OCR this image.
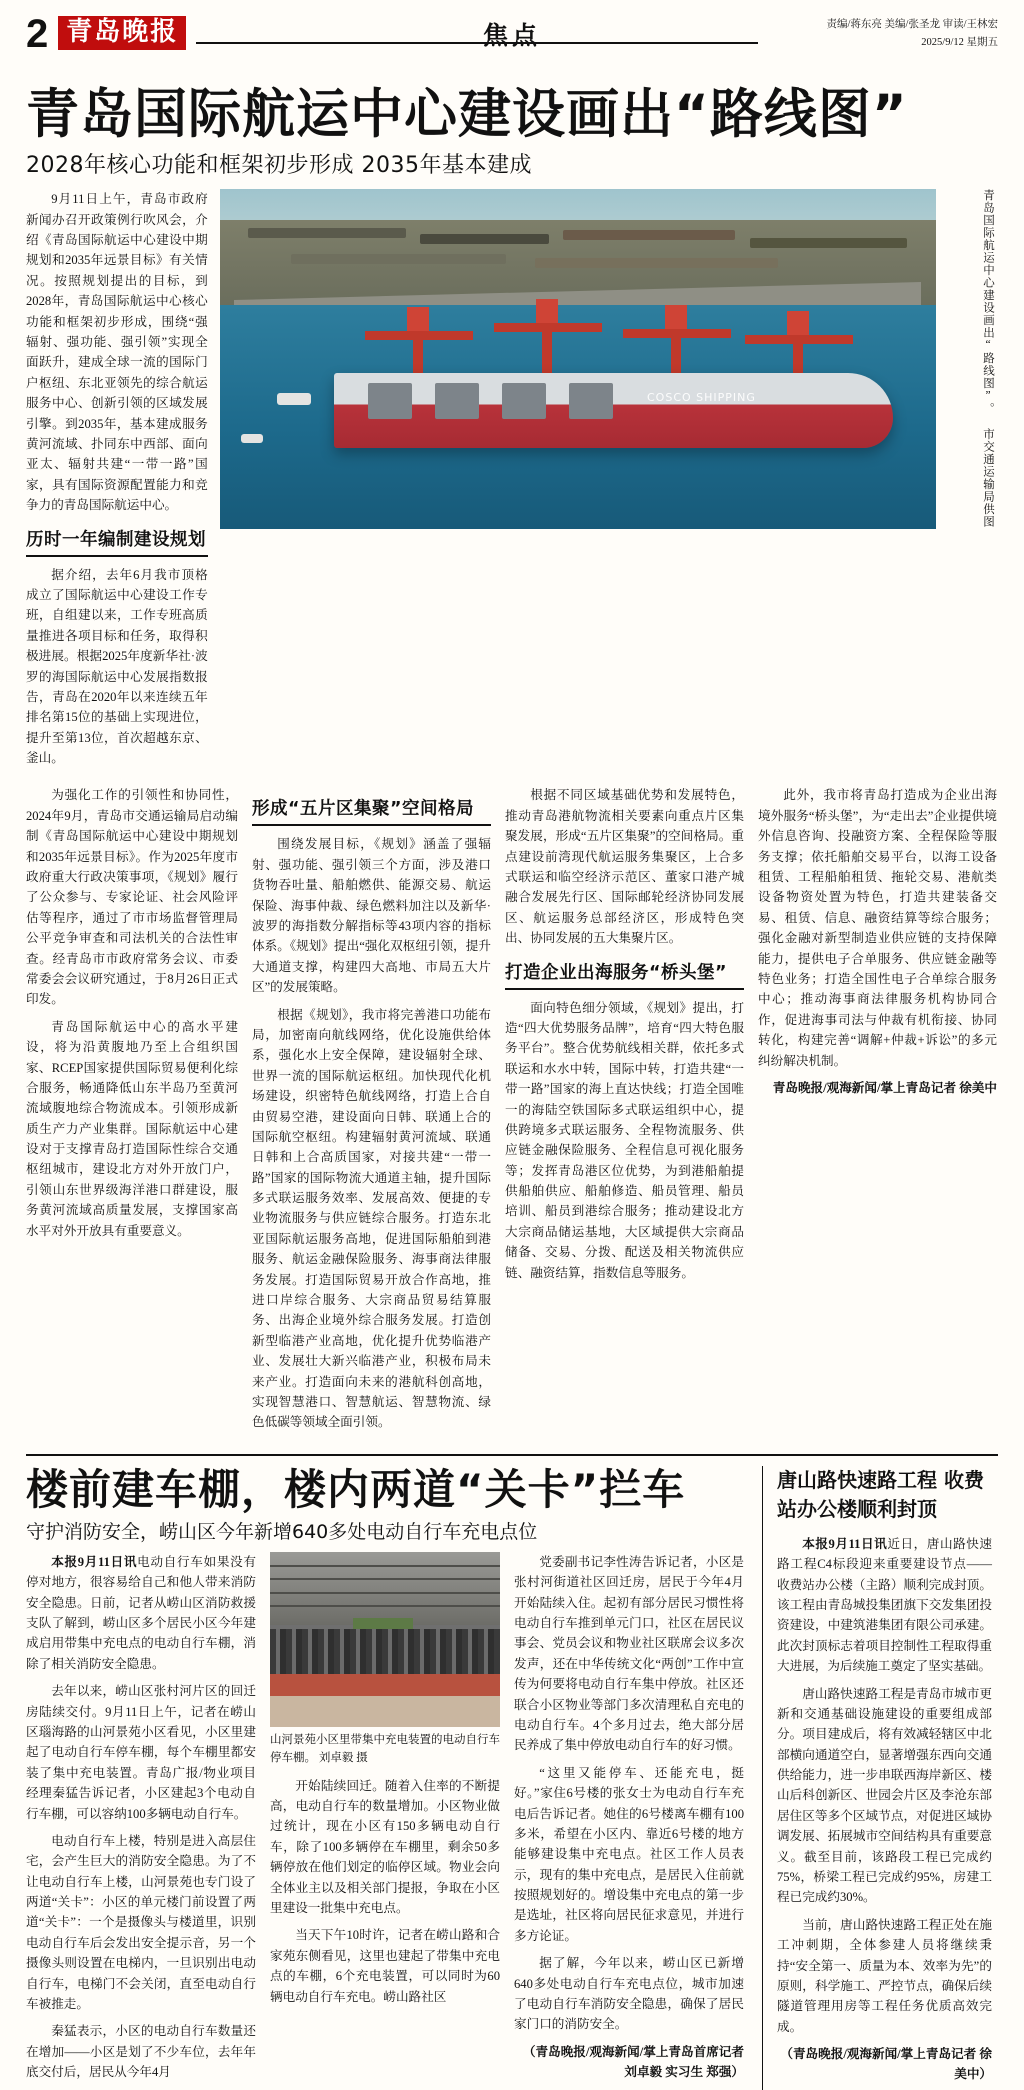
2 青岛晚报	焦点	责编/蒋东亮 美编/张圣龙 审读/王林宏
2025/9/12 星期五
青岛国际航运中心建设画出“路线图”
2028年核心功能和框架初步形成 2035年基本建成

9月11日上午，青岛市政府新闻办召开政策例行吹风会，介绍《青岛国际航运中心建设中期规划和2035年远景目标》有关情况。按照规划提出的目标，到2028年，青岛国际航运中心核心功能和框架初步形成，围绕“强辐射、强功能、强引领”实现全面跃升，建成全球一流的国际门户枢纽、东北亚领先的综合航运服务中心、创新引领的区域发展引擎。到2035年，基本建成服务黄河流域、扑同东中西部、面向亚太、辐射共建“一带一路”国家，具有国际资源配置能力和竞争力的青岛国际航运中心。

历时一年编制建设规划

据介绍，去年6月我市顶格成立了国际航运中心建设工作专班，自组建以来，工作专班高质量推进各项目标和任务，取得积极进展。根据2025年度新华社·波罗的海国际航运中心发展指数报告，青岛在2020年以来连续五年排名第15位的基础上实现进位，提升至第13位，首次超越东京、釜山。

COSCO SHIPPING	青岛国际航运中心建设画出“路线图”。 市交通运输局供图

为强化工作的引领性和协同性，2024年9月，青岛市交通运输局启动编制《青岛国际航运中心建设中期规划和2035年远景目标》。作为2025年度市政府重大行政决策事项，《规划》履行了公众参与、专家论证、社会风险评估等程序，通过了市市场监督管理局公平竞争审查和司法机关的合法性审查。经青岛市市政府常务会议、市委常委会会议研究通过，于8月26日正式印发。

青岛国际航运中心的高水平建设，将为沿黄腹地乃至上合组织国家、RCEP国家提供国际贸易便利化综合服务，畅通降低山东半岛乃至黄河流域腹地综合物流成本。引领形成新质生产力产业集群。国际航运中心建设对于支撑青岛打造国际性综合交通枢纽城市，建设北方对外开放门户，引领山东世界级海洋港口群建设，服务黄河流域高质量发展，支撑国家高水平对外开放具有重要意义。

形成“五片区集聚”空间格局

围绕发展目标，《规划》涵盖了强辐射、强功能、强引领三个方面，涉及港口货物吞吐量、船舶燃供、能源交易、航运保险、海事仲裁、绿色燃料加注以及新华·波罗的海指数分解指标等43项内容的指标体系。《规划》提出“强化双枢纽引领，提升大通道支撑，构建四大高地、市局五大片区”的发展策略。

根据《规划》，我市将完善港口功能布局，加密南向航线网络，优化设施供给体系，强化水上安全保障，建设辐射全球、世界一流的国际航运枢纽。加快现代化机场建设，织密特色航线网络，打造上合自由贸易空港，建设面向日韩、联通上合的国际航空枢纽。构建辐射黄河流域、联通日韩和上合高质国家，对接共建“一带一路”国家的国际物流大通道主轴，提升国际多式联运服务效率、发展高效、便捷的专业物流服务与供应链综合服务。打造东北亚国际航运服务高地，促进国际船舶到港服务、航运金融保险服务、海事商法律服务发展。打造国际贸易开放合作高地，推进口岸综合服务、大宗商品贸易结算服务、出海企业境外综合服务发展。打造创新型临港产业高地，优化提升优势临港产业、发展壮大新兴临港产业，积极布局未来产业。打造面向未来的港航科创高地，实现智慧港口、智慧航运、智慧物流、绿色低碳等领域全面引领。

根据不同区域基础优势和发展特色，推动青岛港航物流相关要素向重点片区集聚发展，形成“五片区集聚”的空间格局。重点建设前湾现代航运服务集聚区，上合多式联运和临空经济示范区、董家口港产城融合发展先行区、国际邮轮经济协同发展区、航运服务总部经济区，形成特色突出、协同发展的五大集聚片区。

打造企业出海服务“桥头堡”

面向特色细分领域，《规划》提出，打造“四大优势服务品牌”，培育“四大特色服务平台”。整合优势航线相关群，依托多式联运和水水中转，国际中转，打造共建“一带一路”国家的海上直达快线；打造全国唯一的海陆空铁国际多式联运组织中心，提供跨境多式联运服务、全程物流服务、供应链金融保险服务、全程信息可视化服务等；发挥青岛港区位优势，为到港船舶提供船舶供应、船舶修造、船员管理、船员培训、船员到港综合服务；推动建设北方大宗商品储运基地，大区域提供大宗商品储备、交易、分拨、配送及相关物流供应链、融资结算，指数信息等服务。

此外，我市将青岛打造成为企业出海境外服务“桥头堡”，为“走出去”企业提供境外信息咨询、投融资方案、全程保险等服务支撑；依托船舶交易平台，以海工设备租赁、工程船舶租赁、拖轮交易、港航类设备物资处置为特色，打造共建装备交易、租赁、信息、融资结算等综合服务；强化金融对新型制造业供应链的支持保障能力，提供电子合单服务、供应链金融等特色业务；打造全国性电子合单综合服务中心；推动海事商法律服务机构协同合作，促进海事司法与仲裁有机衔接、协同转化，构建完善“调解+仲裁+诉讼”的多元纠纷解决机制。

青岛晚报/观海新闻/掌上青岛记者 徐美中
楼前建车棚，楼内两道“关卡”拦车
守护消防安全，崂山区今年新增640多处电动自行车充电点位

本报9月11日讯电动自行车如果没有停对地方，很容易给自己和他人带来消防安全隐患。日前，记者从崂山区消防救援支队了解到，崂山区多个居民小区今年建成启用带集中充电点的电动自行车棚，消除了相关消防安全隐患。

去年以来，崂山区张村河片区的回迁房陆续交付。9月11日上午，记者在崂山区瑙海路的山河景苑小区看见，小区里建起了电动自行车停车棚，每个车棚里都安装了集中充电装置。青岛广报/物业项目经理秦猛告诉记者，小区建起3个电动自行车棚，可以容纳100多辆电动自行车。

电动自行车上楼，特别是进入高层住宅，会产生巨大的消防安全隐患。为了不让电动自行车上楼，山河景苑也专门设了两道“关卡”：小区的单元楼门前设置了两道“关卡”：一个是摄像头与楼道里，识别电动自行车后会发出安全提示音，另一个摄像头则设置在电梯内，一旦识别出电动自行车，电梯门不会关闭，直至电动自行车被推走。

秦猛表示，小区的电动自行车数量还在增加——小区是划了不少车位，去年年底交付后，居民从今年4月

山河景苑小区里带集中充电装置的电动自行车停车棚。 刘卓毅 摄

开始陆续回迁。随着入住率的不断提高，电动自行车的数量增加。小区物业做过统计，现在小区有150多辆电动自行车，除了100多辆停在车棚里，剩余50多辆停放在他们划定的临停区域。物业会向全体业主以及相关部门提报，争取在小区里建设一批集中充电点。

当天下午10时许，记者在崂山路和合家苑东侧看见，这里也建起了带集中充电点的车棚，6个充电装置，可以同时为60辆电动自行车充电。崂山路社区

党委副书记李性涛告诉记者，小区是张村河街道社区回迁房，居民于今年4月开始陆续入住。起初有部分居民习惯性将电动自行车推到单元门口，社区在居民议事会、党员会议和物业社区联席会议多次发声，还在中华传统文化“两创”工作中宣传为何要将电动自行车集中停放。社区还联合小区物业等部门多次清理私自充电的电动自行车。4个多月过去，绝大部分居民养成了集中停放电动自行车的好习惯。

“这里又能停车、还能充电，挺好。”家住6号楼的张女士为电动自行车充电后告诉记者。她住的6号楼离车棚有100多米，希望在小区内、靠近6号楼的地方能够建设集中充电点。社区工作人员表示，现有的集中充电点，是居民入住前就按照规划好的。增设集中充电点的第一步是选址，社区将向居民征求意见，并进行多方论证。

据了解，今年以来，崂山区已新增640多处电动自行车充电点位，城市加速了电动自行车消防安全隐患，确保了居民家门口的消防安全。

（青岛晚报/观海新闻/掌上青岛首席记者 刘卓毅 实习生 郑强）
唐山路快速路工程 收费站办公楼顺利封顶

本报9月11日讯近日，唐山路快速路工程C4标段迎来重要建设节点——收费站办公楼（主路）顺利完成封顶。该工程由青岛城投集团旗下交发集团投资建设，中建筑港集团有限公司承建。此次封顶标志着项目控制性工程取得重大进展，为后续施工奠定了坚实基础。

唐山路快速路工程是青岛市城市更新和交通基础设施建设的重要组成部分。项目建成后，将有效减轻辖区中北部横向通道空白，显著增强东西向交通供给能力，进一步串联西海岸新区、楼山后科创新区、世园会片区及李沧东部居住区等多个区域节点，对促进区域协调发展、拓展城市空间结构具有重要意义。截至目前，该路段工程已完成约75%，桥梁工程已完成约95%，房建工程已完成约30%。

当前，唐山路快速路工程正处在施工冲刺期，全体参建人员将继续秉持“安全第一、质量为本、效率为先”的原则，科学施工、严控节点，确保后续隧道管理用房等工程任务优质高效完成。

（青岛晚报/观海新闻/掌上青岛记者 徐美中）
